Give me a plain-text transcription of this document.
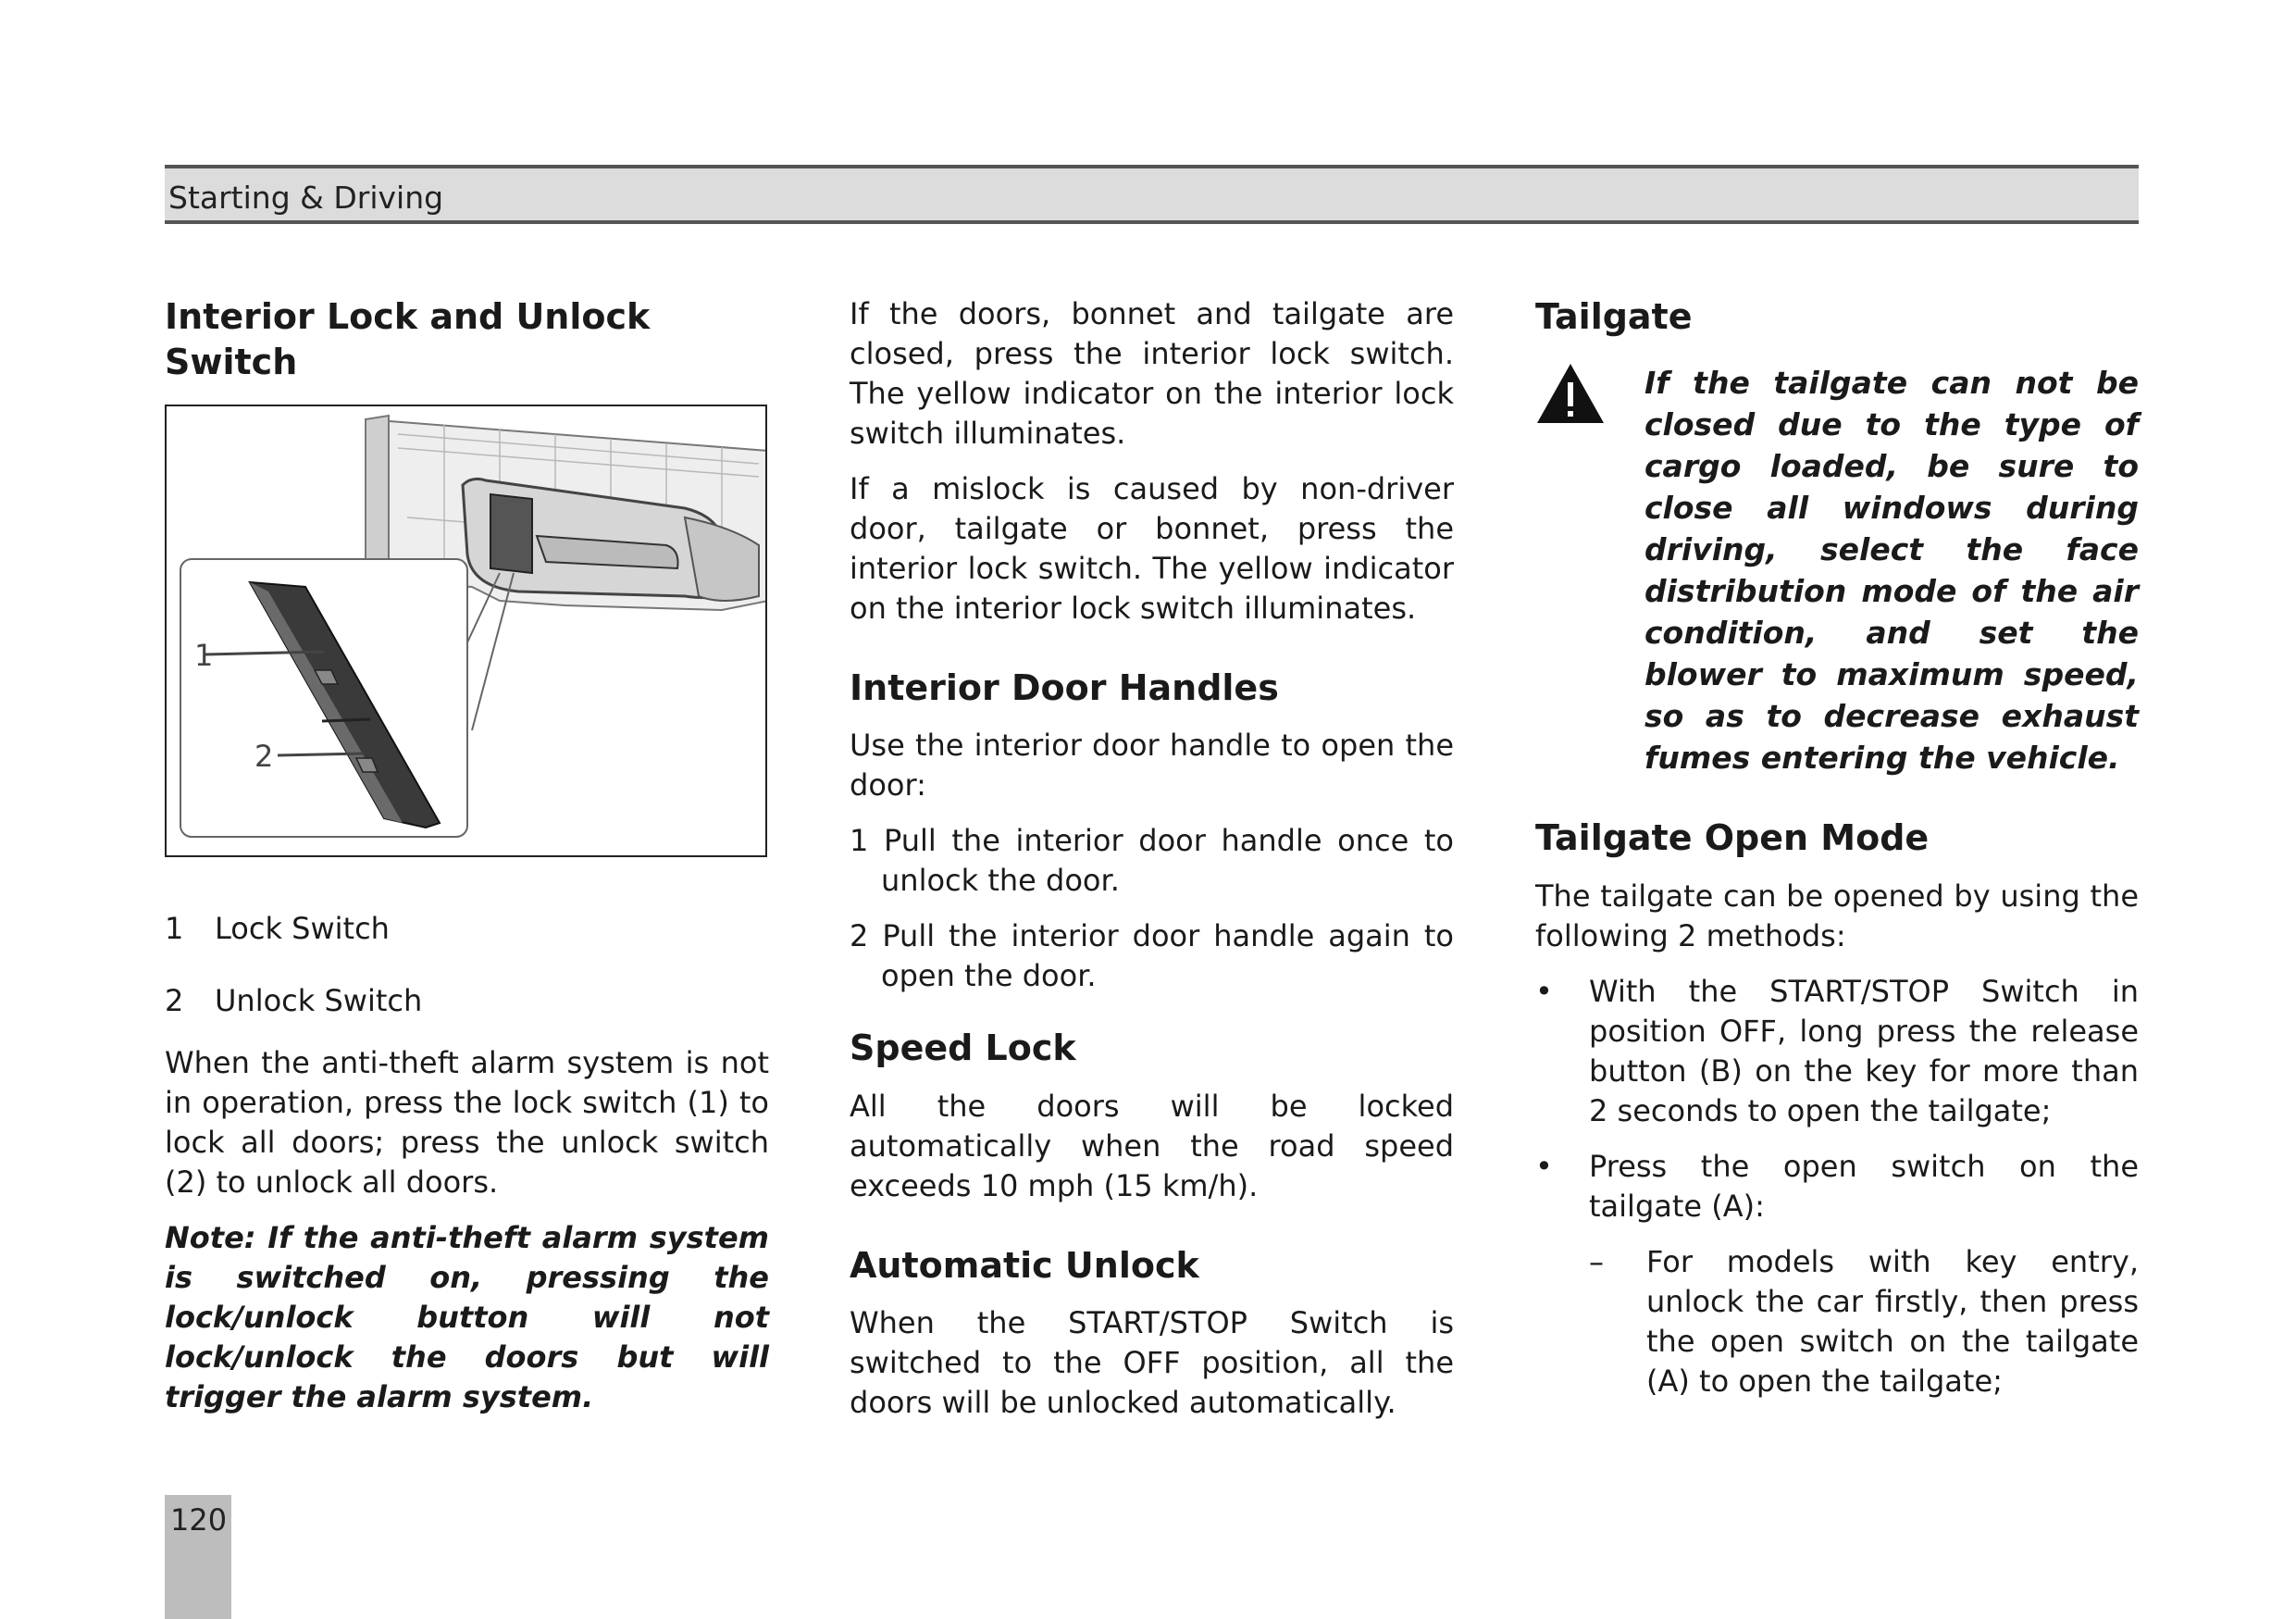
Starting & Driving
Interior Lock and Unlock Switch
1
2
1 Lock Switch
2 Unlock Switch

When the anti-theft alarm system is not in operation, press the lock switch (1) to lock all doors; press the unlock switch (2) to unlock all doors.

Note: If the anti-theft alarm system is switched on, pressing the lock/unlock button will not lock/unlock the doors but will trigger the alarm system.

If the doors, bonnet and tailgate are closed, press the interior lock switch. The yellow indicator on the interior lock switch illuminates.

If a mislock is caused by non-driver door, tailgate or bonnet, press the interior lock switch. The yellow indicator on the interior lock switch illuminates.

Interior Door Handles

Use the interior door handle to open the door:

1 Pull the interior door handle once to unlock the door.
2 Pull the interior door handle again to open the door.
Speed Lock

All the doors will be locked automatically when the road speed exceeds 10 mph (15 km/h).

Automatic Unlock

When the START/STOP Switch is switched to the OFF position, all the doors will be unlocked automatically.

Tailgate

If the tailgate can not be closed due to the type of cargo loaded, be sure to close all windows during driving, select the face distribution mode of the air condition, and set the blower to maximum speed, so as to decrease exhaust fumes entering the vehicle.

Tailgate Open Mode

The tailgate can be opened by using the following 2 methods:

• With the START/STOP Switch in position OFF, long press the release button (B) on the key for more than 2 seconds to open the tailgate;
• Press the open switch on the tailgate (A):
– For models with key entry, unlock the car firstly, then press the open switch on the tailgate (A) to open the tailgate;
120
